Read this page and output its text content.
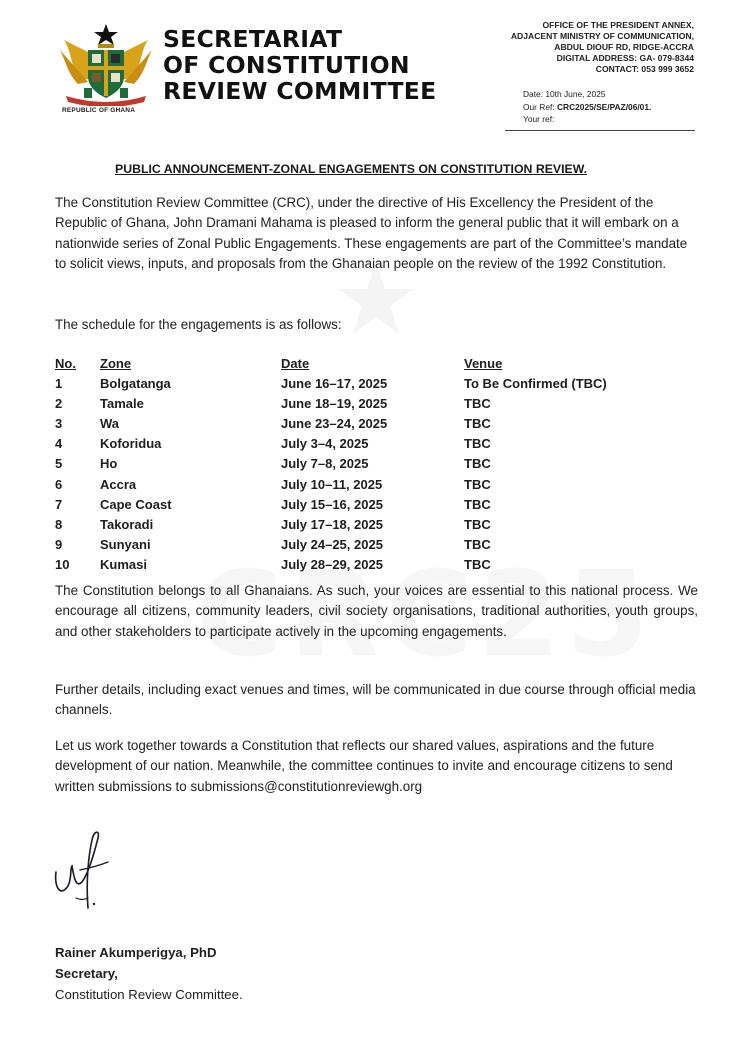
REPUBLIC OF GHANA
SECRETARIAT
OF CONSTITUTION
REVIEW COMMITTEE
OFFICE OF THE PRESIDENT ANNEX,
ADJACENT MINISTRY OF COMMUNICATION,
ABDUL DIOUF RD, RIDGE-ACCRA
DIGITAL ADDRESS: GA- 079-8344
CONTACT: 053 999 3652
Date: 10th June, 2025
Our Ref: CRC2025/SE/PAZ/06/01.
Your ref:
PUBLIC ANNOUNCEMENT-ZONAL ENGAGEMENTS ON CONSTITUTION REVIEW.
The Constitution Review Committee (CRC), under the directive of His Excellency the President of the Republic of Ghana, John Dramani Mahama is pleased to inform the general public that it will embark on a nationwide series of Zonal Public Engagements. These engagements are part of the Committee’s mandate to solicit views, inputs, and proposals from the Ghanaian people on the review of the 1992 Constitution.
The schedule for the engagements is as follows:
No. Zone	Date	Venue
1	Bolgatanga	June 16–17, 2025	To Be Confirmed (TBC)
2	Tamale	June 18–19, 2025	TBC
3	Wa	June 23–24, 2025	TBC
4	Koforidua	July 3–4, 2025	TBC
5	Ho	July 7–8, 2025	TBC
6	Accra	July 10–11, 2025	TBC
7	Cape Coast	July 15–16, 2025	TBC
8	Takoradi	July 17–18, 2025	TBC
9	Sunyani	July 24–25, 2025	TBC
10 Kumasi	July 28–29, 2025	TBC
The Constitution belongs to all Ghanaians. As such, your voices are essential to this national process. We encourage all citizens, community leaders, civil society organisations, traditional authorities, youth groups, and other stakeholders to participate actively in the upcoming engagements.
Further details, including exact venues and times, will be communicated in due course through official media channels.
Let us work together towards a Constitution that reflects our shared values, aspirations and the future development of our nation. Meanwhile, the committee continues to invite and encourage citizens to send written submissions to submissions@constitutionreviewgh.org
Rainer Akumperigya, PhD
Secretary,
Constitution Review Committee.
